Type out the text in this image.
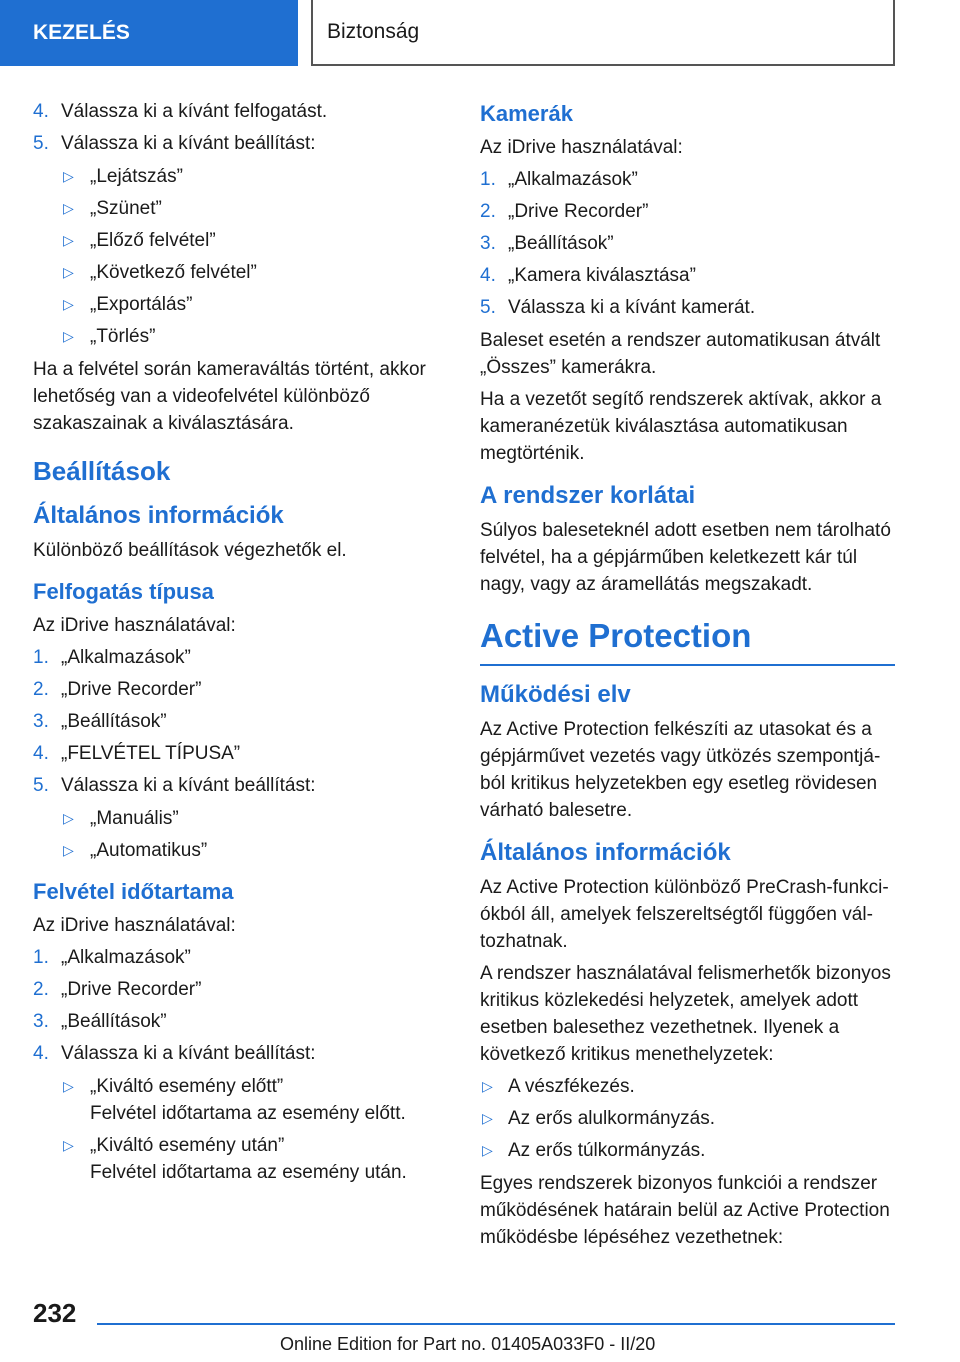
KEZELÉS	Biztonság
4. Válassza ki a kívánt felfogatást.
5. Válassza ki a kívánt beállítást:
▷ „Lejátszás”
▷ „Szünet”
▷ „Előző felvétel”
▷ „Következő felvétel”
▷ „Exportálás”
▷ „Törlés”

Ha a felvétel során kameraváltás történt, akkor lehetőség van a videofelvétel különböző szakaszainak a kiválasztására.

Beállítások
Általános információk

Különböző beállítások végezhetők el.

Felfogatás típusa

Az iDrive használatával:

1. „Alkalmazások”
2. „Drive Recorder”
3. „Beállítások”
4. „FELVÉTEL TÍPUSA”
5. Válassza ki a kívánt beállítást:
▷ „Manuális”
▷ „Automatikus”
Felvétel időtartama

Az iDrive használatával:

1. „Alkalmazások”
2. „Drive Recorder”
3. „Beállítások”
4. Válassza ki a kívánt beállítást:
▷ „Kiváltó esemény előtt”
Felvétel időtartama az esemény előtt.
▷ „Kiváltó esemény után”
Felvétel időtartama az esemény után.
Kamerák

Az iDrive használatával:

1. „Alkalmazások”
2. „Drive Recorder”
3. „Beállítások”
4. „Kamera kiválasztása”
5. Válassza ki a kívánt kamerát.

Baleset esetén a rendszer automatikusan átvált „Összes” kamerákra.

Ha a vezetőt segítő rendszerek aktívak, akkor a kameranézetük kiválasztása automatikusan megtörténik.

A rendszer korlátai

Súlyos baleseteknél adott esetben nem tárolható felvétel, ha a gépjárműben keletkezett kár túl nagy, vagy az áramellátás megszakadt.

Active Protection
Működési elv

Az Active Protection felkészíti az utasokat és a gépjárművet vezetés vagy ütközés szempontjából kritikus helyzetekben egy esetleg rövidesen várható balesetre.

Általános információk

Az Active Protection különböző PreCrash-funkciókból áll, amelyek felszereltségtől függően változhatnak.

A rendszer használatával felismerhetők bizonyos kritikus közlekedési helyzetek, amelyek adott esetben balesethez vezethetnek. Ilyenek a következő kritikus menethelyzetek:

▷ A vészfékezés.
▷ Az erős alulkormányzás.
▷ Az erős túlkormányzás.

Egyes rendszerek bizonyos funkciói a rendszer működésének határain belül az Active Protection működésbe lépéséhez vezethetnek:

232
Online Edition for Part no. 01405A033F0 - II/20
